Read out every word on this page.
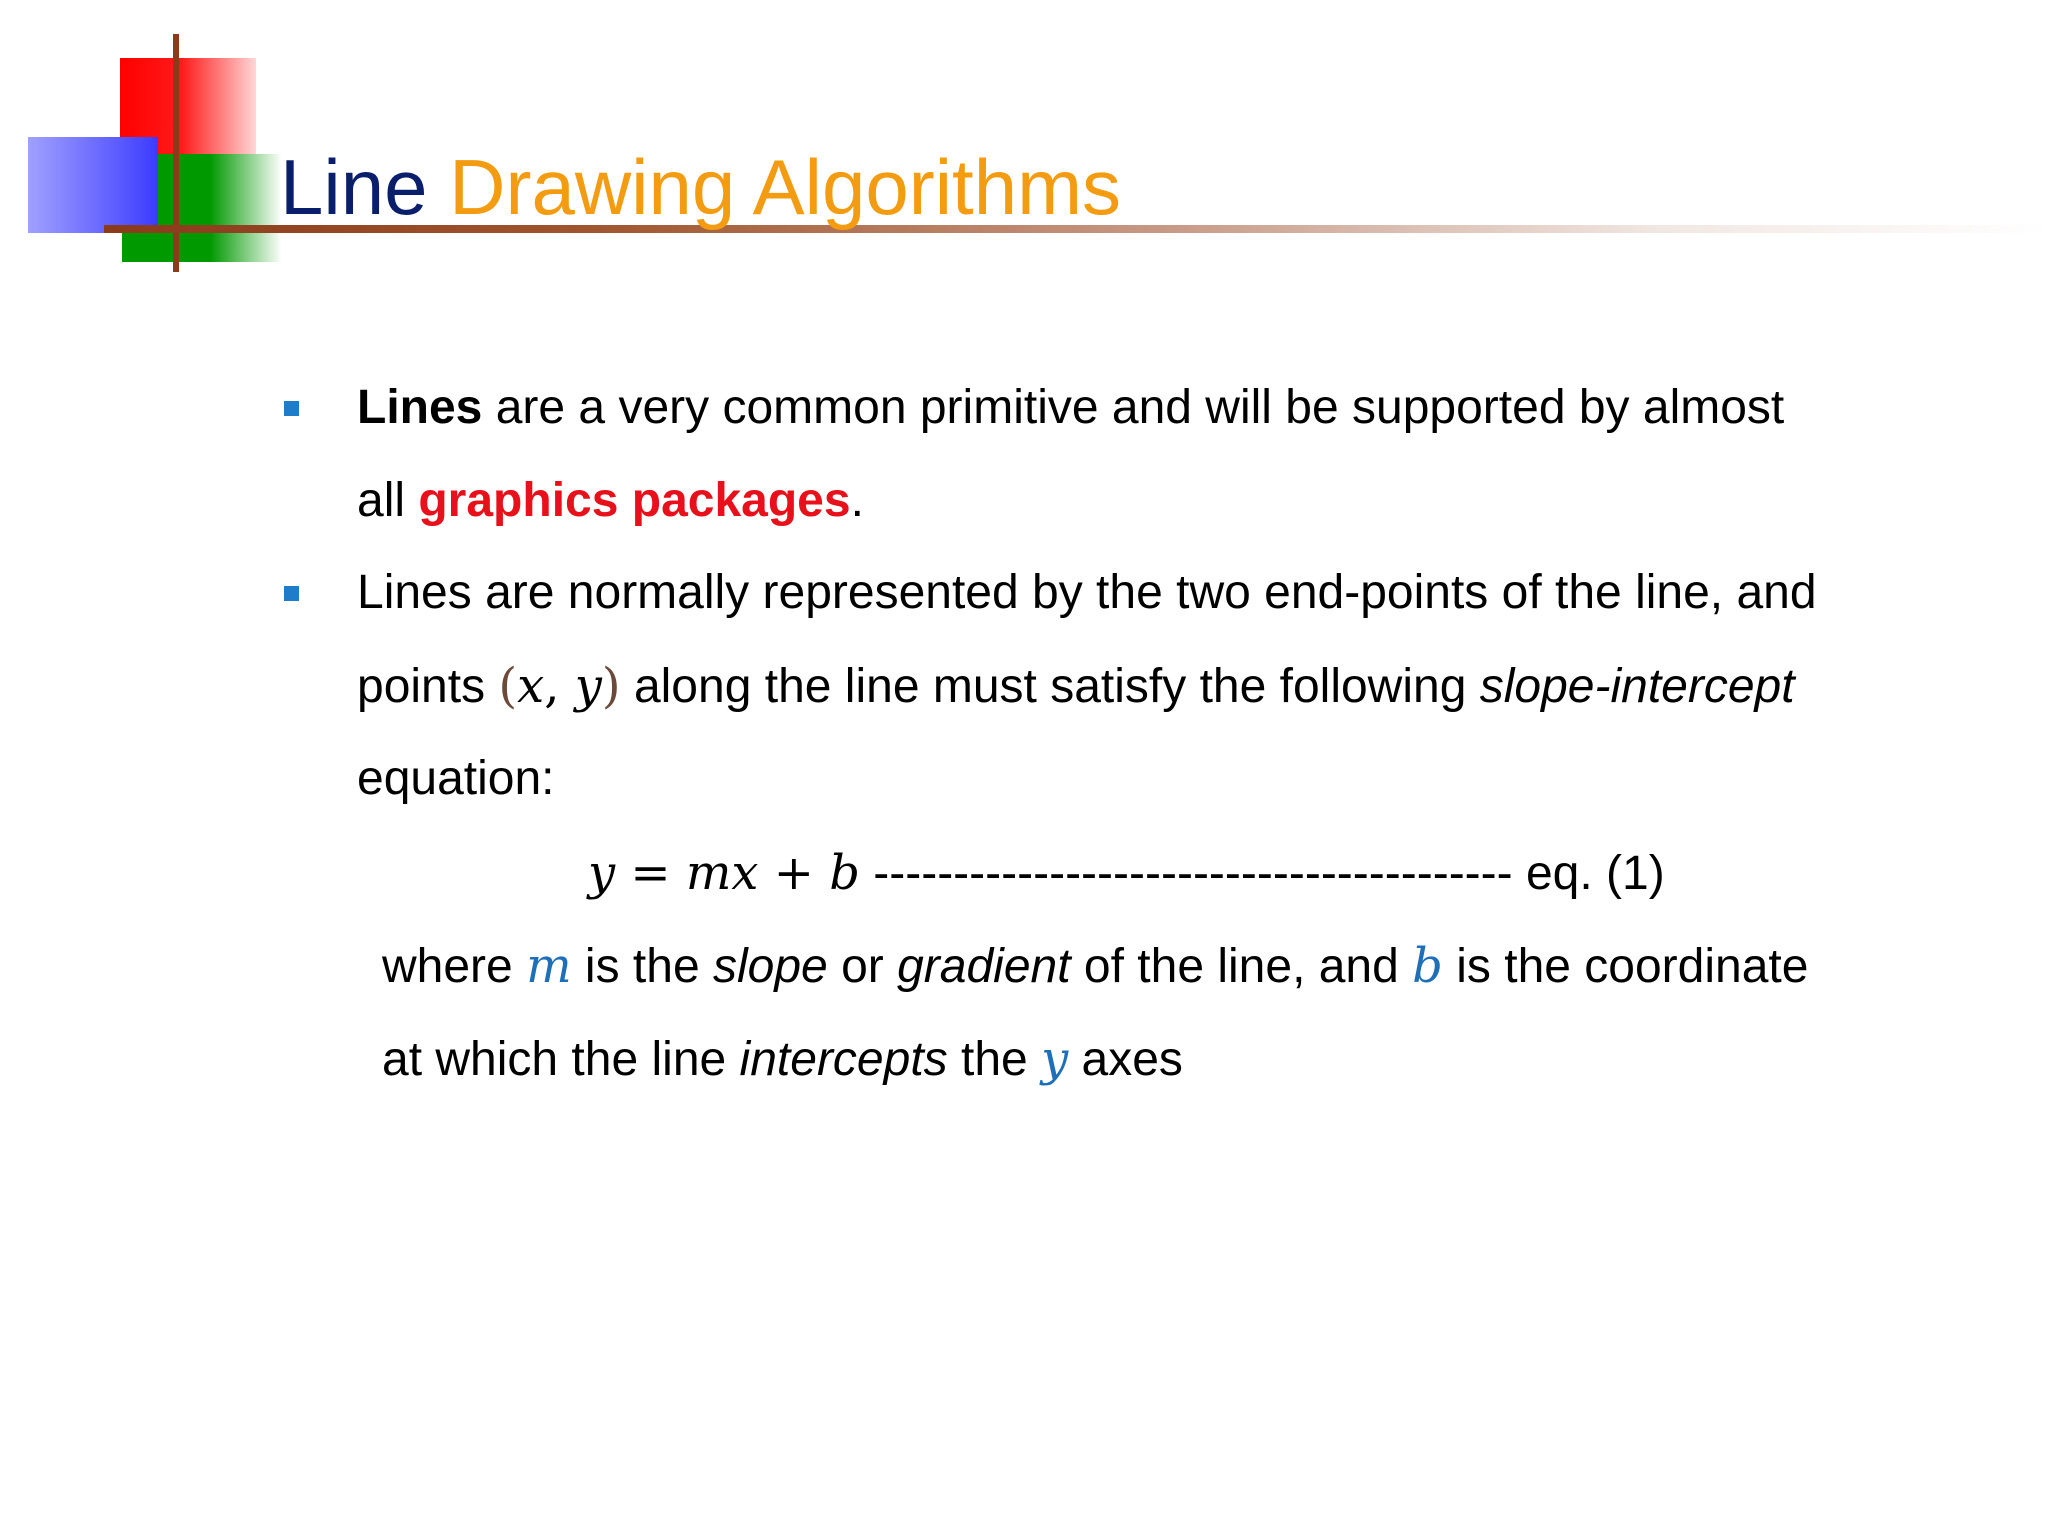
Line Drawing Algorithms
Lines are a very common primitive and will be supported by almost
all graphics packages.
Lines are normally represented by the two end-points of the line, and
points (x, y) along the line must satisfy the following slope-intercept
equation:
y = mx + b ---------------------------------------- eq. (1)
where m is the slope or gradient of the line, and b is the coordinate
at which the line intercepts the y axes
